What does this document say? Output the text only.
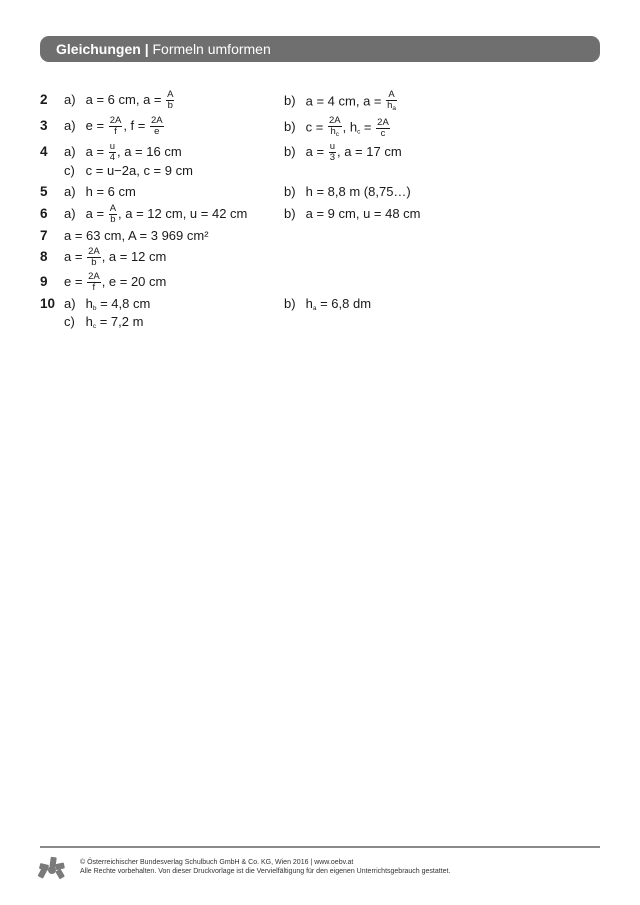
Gleichungen | Formeln umformen
2 a) a = 6 cm, $a = \frac{A}{b}$	b) a = 4 cm, $a = \frac{A}{h_a}$
3 a) $e = \frac{2A}{f}$ , $f = \frac{2A}{e}$	b) $c = \frac{2A}{h_c}$ , $h_c = \frac{2A}{c}$
4 a) $a = \frac{u}{4}$ , a = 16 cm	b) $a = \frac{u}{3}$ , a = 17 cm
c) c = u−2a, c = 9 cm
5 a) h = 6 cm	b) h = 8,8 m (8,75…)
6 a) $a = \frac{A}{b}$ , a = 12 cm, u = 42 cm	b) a = 9 cm, u = 48 cm
7 a = 63 cm, A = 3 969 cm²
8 $a = \frac{2A}{b}$ , a = 12 cm
9 $e = \frac{2A}{f}$ , e = 20 cm
10 a) $h_b = 4,8$ cm	b) $h_a = 6,8$ dm
c) $h_c = 7,2$ m
© Österreichischer Bundesverlag Schulbuch GmbH & Co. KG, Wien 2016 | www.oebv.at
Alle Rechte vorbehalten. Von dieser Druckvorlage ist die Vervielfältigung für den eigenen Unterrichtsgebrauch gestattet.
